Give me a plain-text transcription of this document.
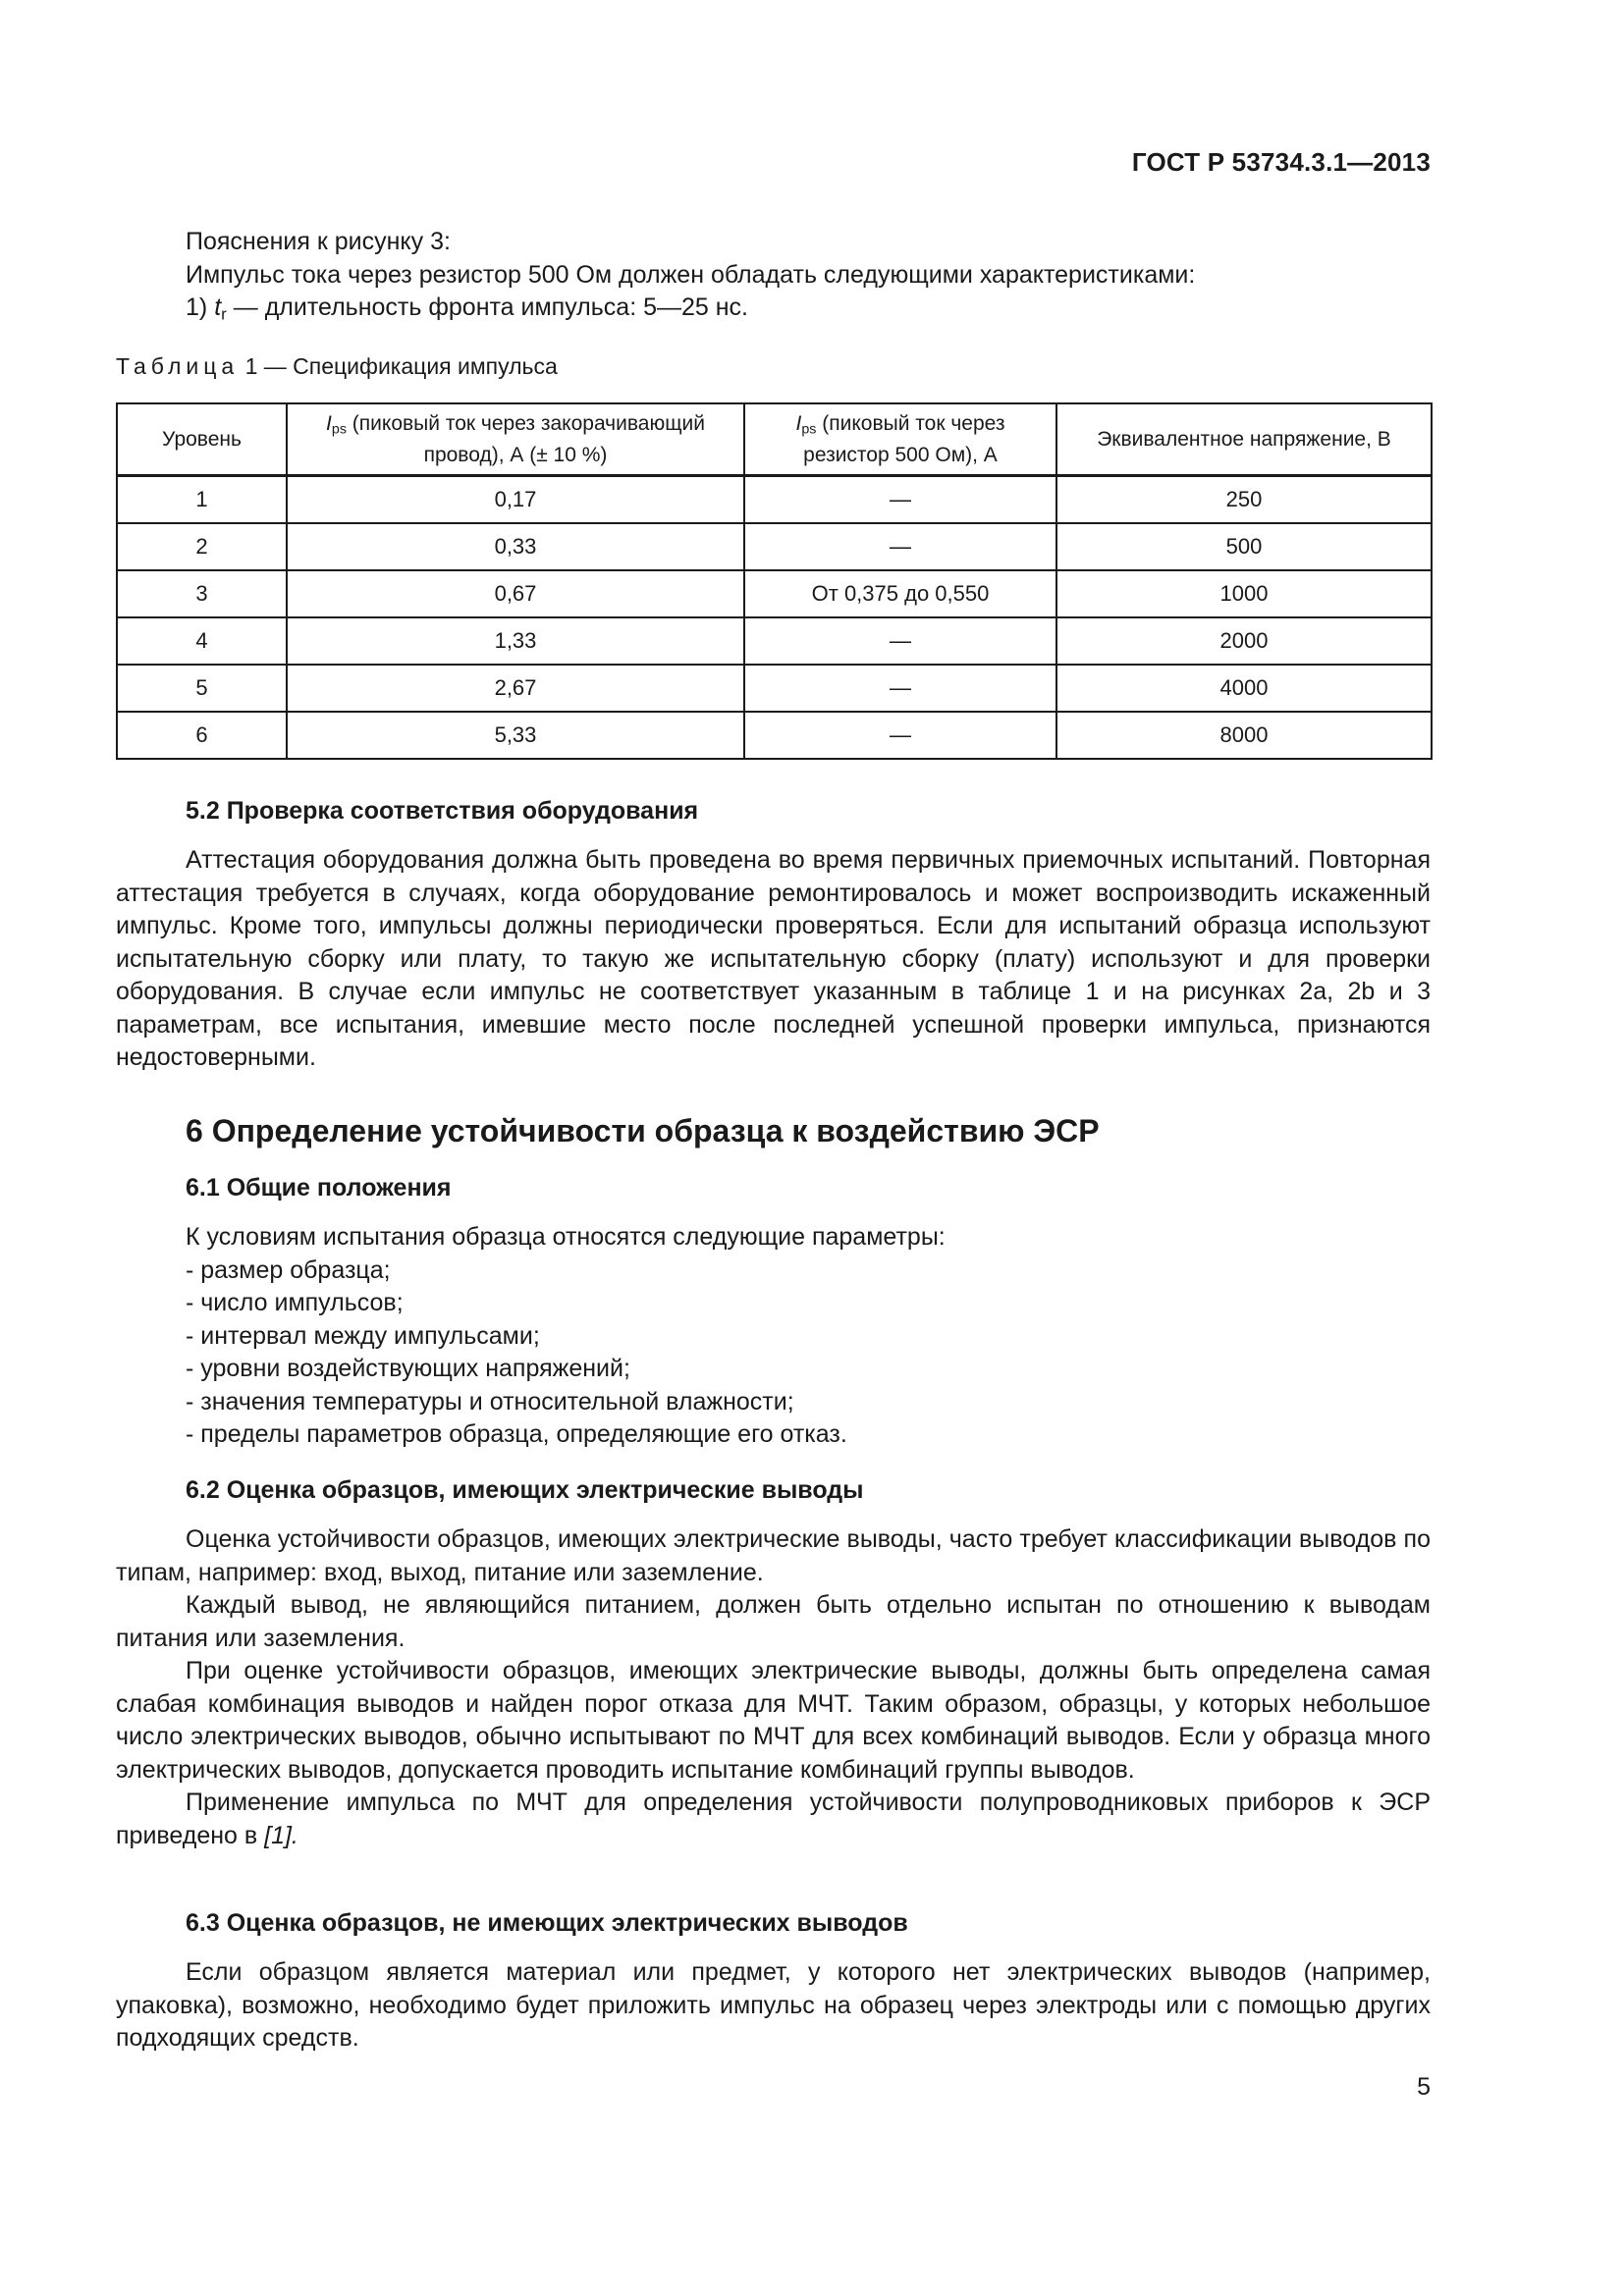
ГОСТ Р 53734.3.1—2013

Пояснения к рисунку 3:

Импульс тока через резистор 500 Ом должен обладать следующими характеристиками:

1) $t_r$ — длительность фронта импульса: 5—25 нс.

Таблица 1 — Спецификация импульса
Уровень	$I_{ps}$ (пиковый ток через закорачивающий провод), А (± 10 %)	$I_{ps}$ (пиковый ток через резистор 500 Ом), А	Эквивалентное напряжение, В
1	0,17	—	250
2	0,33	—	500
3	0,67	От 0,375 до 0,550	1000
4	1,33	—	2000
5	2,67	—	4000
6	5,33	—	8000

5.2 Проверка соответствия оборудования

Аттестация оборудования должна быть проведена во время первичных приемочных испытаний. Повторная аттестация требуется в случаях, когда оборудование ремонтировалось и может воспроизводить искаженный импульс. Кроме того, импульсы должны периодически проверяться. Если для испытаний образца используют испытательную сборку или плату, то такую же испытательную сборку (плату) используют и для проверки оборудования. В случае если импульс не соответствует указанным в таблице 1 и на рисунках 2a, 2b и 3 параметрам, все испытания, имевшие место после последней успешной проверки импульса, признаются недостоверными.

6 Определение устойчивости образца к воздействию ЭСР

6.1 Общие положения

К условиям испытания образца относятся следующие параметры:

- размер образца;

- число импульсов;

- интервал между импульсами;

- уровни воздействующих напряжений;

- значения температуры и относительной влажности;

- пределы параметров образца, определяющие его отказ.

6.2 Оценка образцов, имеющих электрические выводы

Оценка устойчивости образцов, имеющих электрические выводы, часто требует классификации выводов по типам, например: вход, выход, питание или заземление.

Каждый вывод, не являющийся питанием, должен быть отдельно испытан по отношению к выводам питания или заземления.

При оценке устойчивости образцов, имеющих электрические выводы, должны быть определена самая слабая комбинация выводов и найден порог отказа для МЧТ. Таким образом, образцы, у которых небольшое число электрических выводов, обычно испытывают по МЧТ для всех комбинаций выводов. Если у образца много электрических выводов, допускается проводить испытание комбинаций группы выводов.

Применение импульса по МЧТ для определения устойчивости полупроводниковых приборов к ЭСР приведено в [1].

6.3 Оценка образцов, не имеющих электрических выводов

Если образцом является материал или предмет, у которого нет электрических выводов (например, упаковка), возможно, необходимо будет приложить импульс на образец через электроды или с помощью других подходящих средств.

5
